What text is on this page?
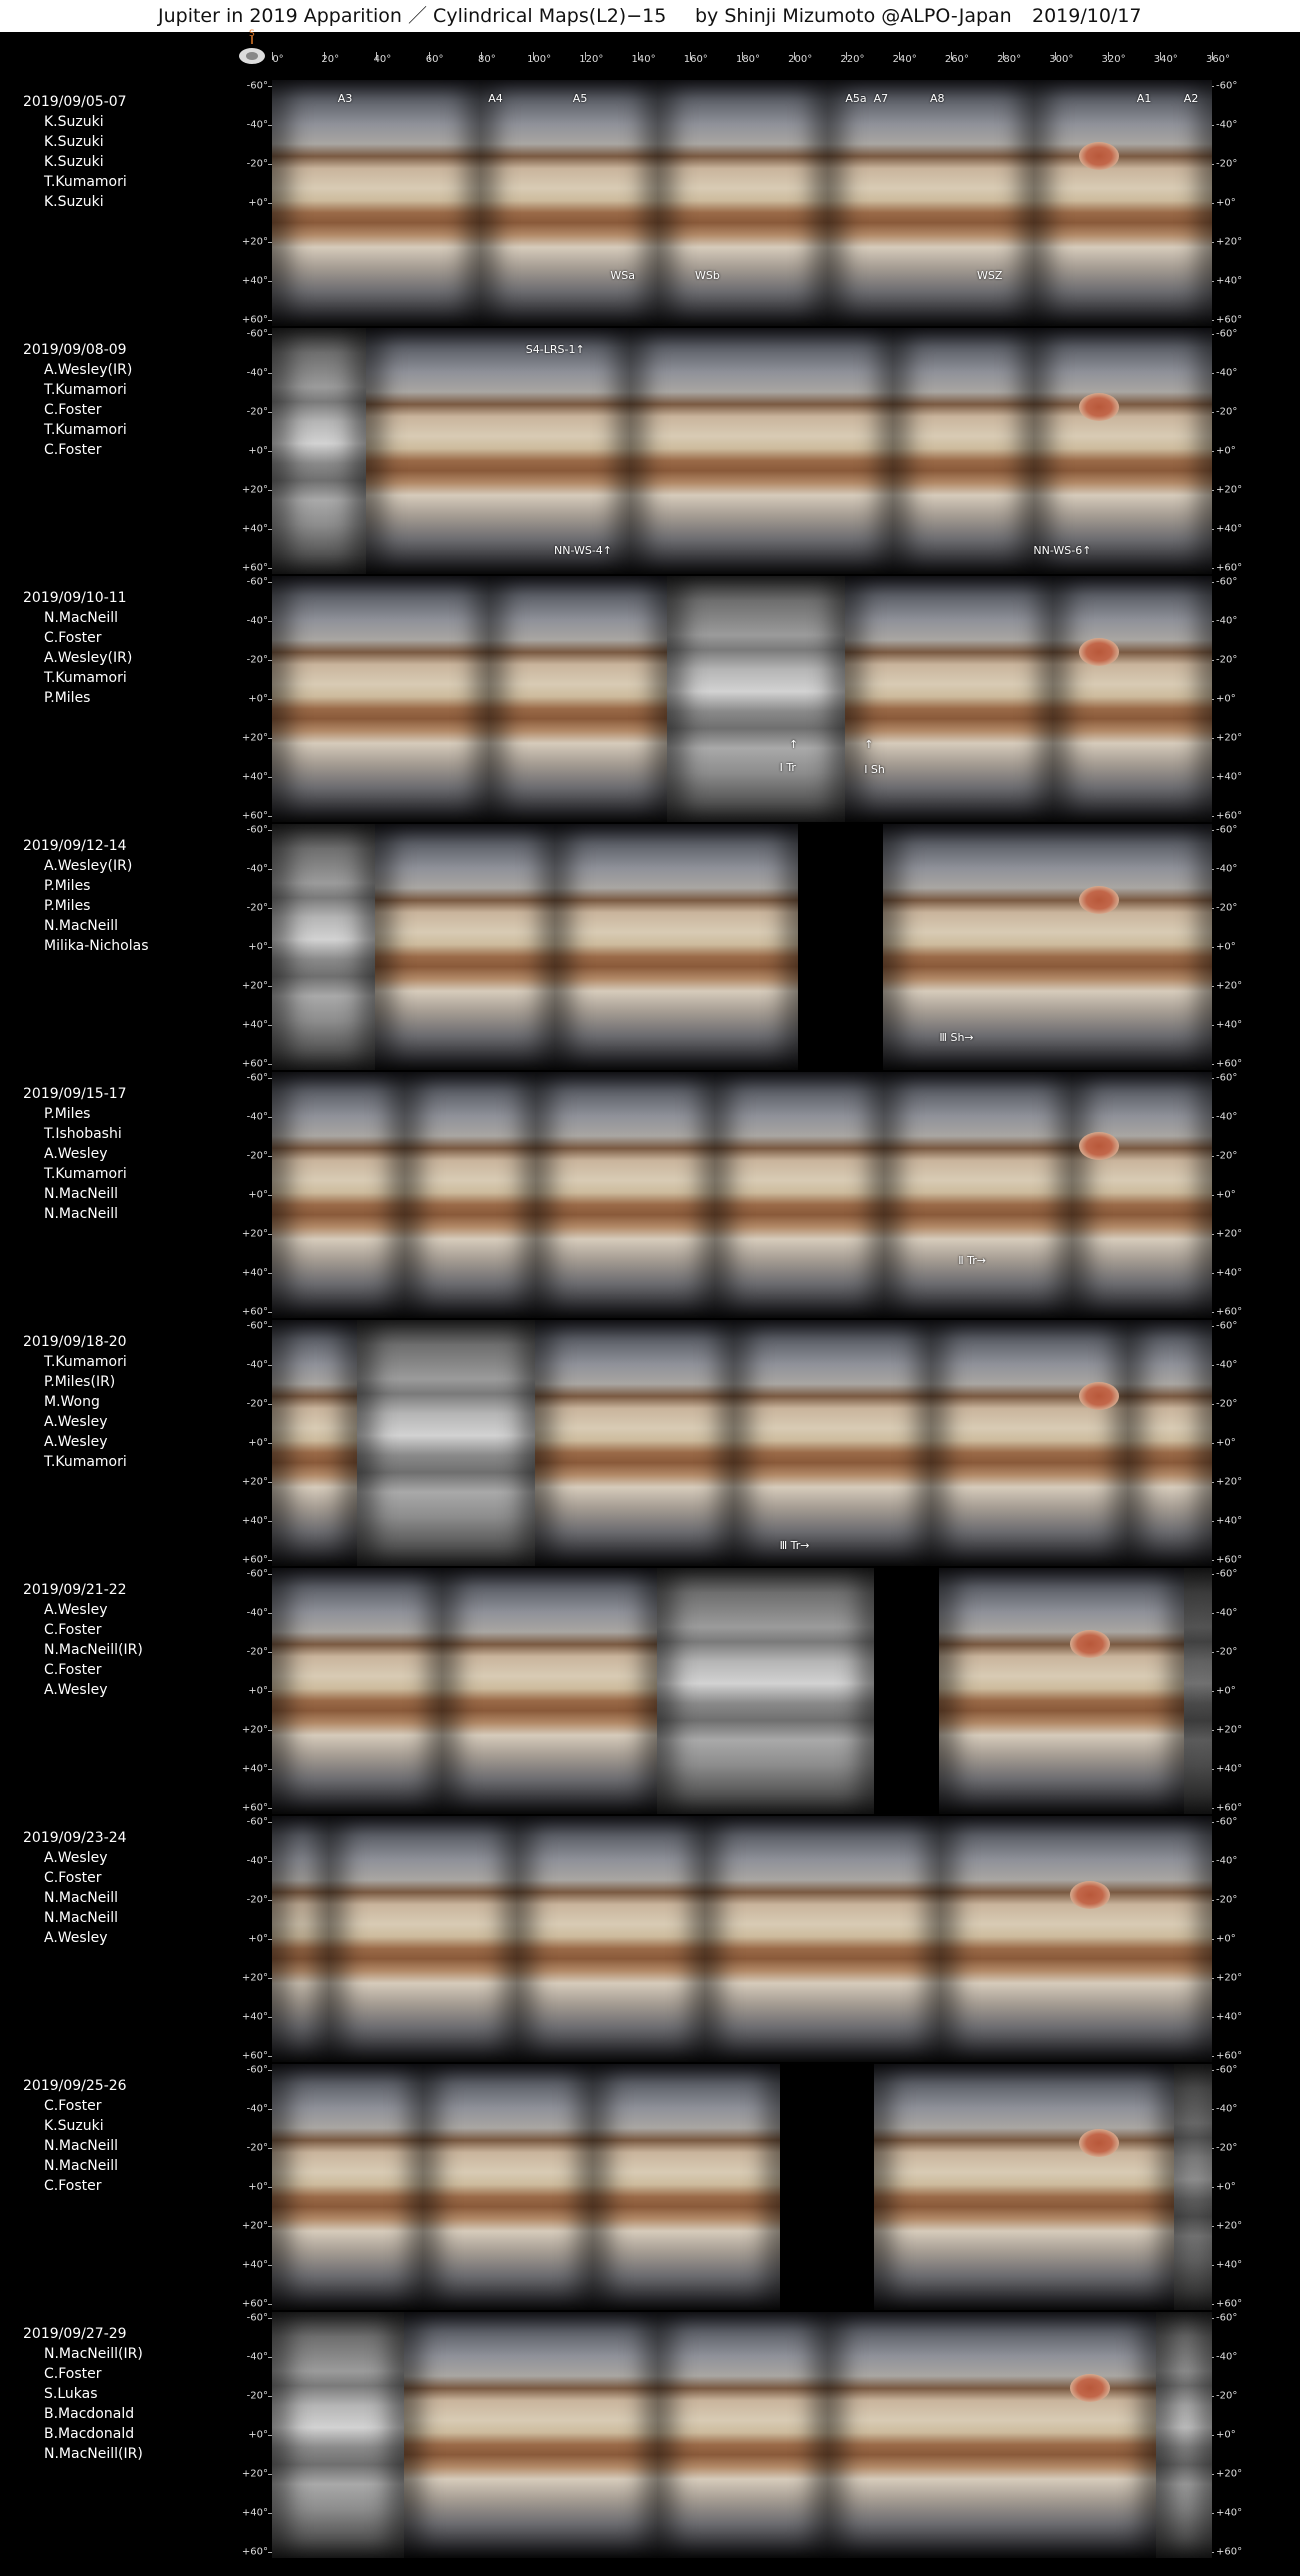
Jupiter in 2019 Apparition ／ Cylindrical Maps(L2)−15 by Shinji Mizumoto @ALPO-Japan 2019/10/17
S
0°	20°	40°	60°	80°	100°	120°	140°	160°	180°	200°	220°	240°	260°	280°	300°	320°	340°	360°
2019/09/05-07
K.Suzuki
K.Suzuki
K.Suzuki
T.Kumamori
K.Suzuki
-60°
-40°
-20°
+0°
+20°
+40°
+60°
-60°
-40°
-20°
+0°
+20°
+40°
+60°
A3	A4	A5	A5a A7	A8	A1	A2
WSa	WSb	WSZ
2019/09/08-09
A.Wesley(IR)
T.Kumamori
C.Foster
T.Kumamori
C.Foster
-60°
-40°
-20°
+0°
+20°
+40°
+60°
-60°
-40°
-20°
+0°
+20°
+40°
+60°
S4-LRS-1↑
NN-WS-4↑	NN-WS-6↑
2019/09/10-11
N.MacNeill
C.Foster
A.Wesley(IR)
T.Kumamori
P.Miles
-60°
-40°
-20°
+0°
+20°
+40°
+60°
-60°
-40°
-20°
+0°
+20°
+40°
+60°
↑
Ⅰ Tr
↑
Ⅰ Sh
2019/09/12-14
A.Wesley(IR)
P.Miles
P.Miles
N.MacNeill
Milika-Nicholas
-60°
-40°
-20°
+0°
+20°
+40°
+60°
-60°
-40°
-20°
+0°
+20°
+40°
+60°
Ⅲ Sh→
2019/09/15-17
P.Miles
T.Ishobashi
A.Wesley
T.Kumamori
N.MacNeill
N.MacNeill
-60°
-40°
-20°
+0°
+20°
+40°
+60°
-60°
-40°
-20°
+0°
+20°
+40°
+60°
Ⅱ Tr→
2019/09/18-20
T.Kumamori
P.Miles(IR)
M.Wong
A.Wesley
A.Wesley
T.Kumamori
-60°
-40°
-20°
+0°
+20°
+40°
+60°
-60°
-40°
-20°
+0°
+20°
+40°
+60°
Ⅲ Tr→
2019/09/21-22
A.Wesley
C.Foster
N.MacNeill(IR)
C.Foster
A.Wesley
-60°
-40°
-20°
+0°
+20°
+40°
+60°
-60°
-40°
-20°
+0°
+20°
+40°
+60°
2019/09/23-24
A.Wesley
C.Foster
N.MacNeill
N.MacNeill
A.Wesley
-60°
-40°
-20°
+0°
+20°
+40°
+60°
-60°
-40°
-20°
+0°
+20°
+40°
+60°
2019/09/25-26
C.Foster
K.Suzuki
N.MacNeill
N.MacNeill
C.Foster
-60°
-40°
-20°
+0°
+20°
+40°
+60°
-60°
-40°
-20°
+0°
+20°
+40°
+60°
2019/09/27-29
N.MacNeill(IR)
C.Foster
S.Lukas
B.Macdonald
B.Macdonald
N.MacNeill(IR)
-60°
-40°
-20°
+0°
+20°
+40°
+60°
-60°
-40°
-20°
+0°
+20°
+40°
+60°
